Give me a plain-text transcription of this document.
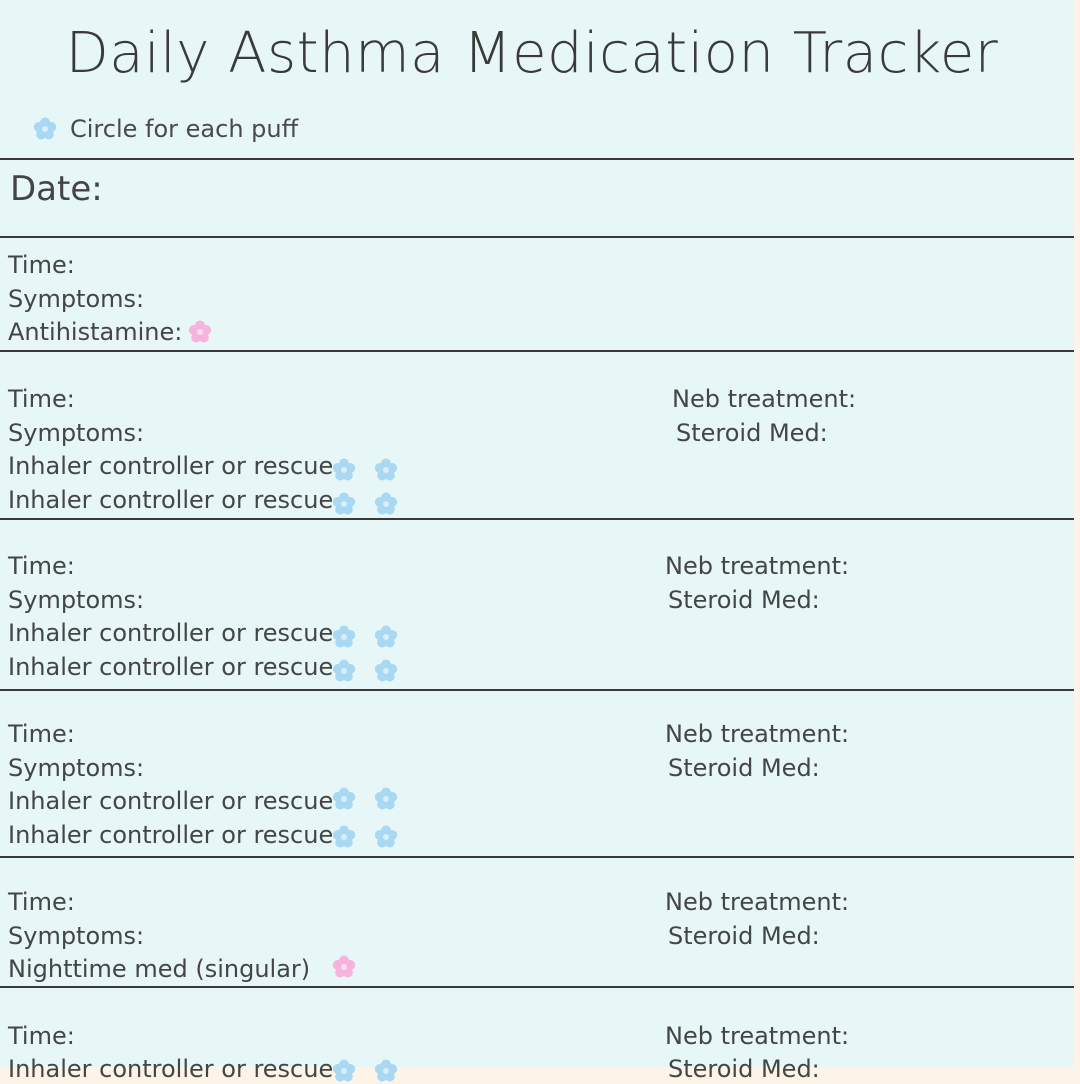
Daily Asthma Medication Tracker
Circle for each puff
Date:
Time:
Symptoms:
Antihistamine:
Time:
Symptoms:
Inhaler controller or rescue
Inhaler controller or rescue
Neb treatment:
Steroid Med:
Time:
Symptoms:
Inhaler controller or rescue
Inhaler controller or rescue
Neb treatment:
Steroid Med:
Time:
Symptoms:
Inhaler controller or rescue
Inhaler controller or rescue
Neb treatment:
Steroid Med:
Time:
Symptoms:
Nighttime med (singular)
Neb treatment:
Steroid Med:
Time:
Inhaler controller or rescue
Neb treatment:
Steroid Med:
